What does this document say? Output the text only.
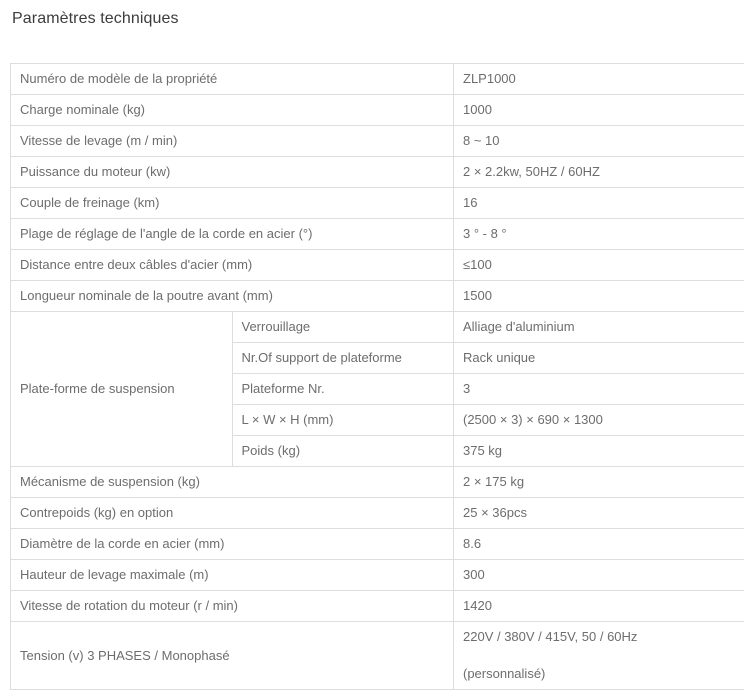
Paramètres techniques
Numéro de modèle de la propriété		ZLP1000
Charge nominale (kg)		1000
Vitesse de levage (m / min)		8 ~ 10
Puissance du moteur (kw)		2 × 2.2kw, 50HZ / 60HZ
Couple de freinage (km)		16
Plage de réglage de l'angle de la corde en acier (°)		3 ° - 8 °
Distance entre deux câbles d'acier (mm)		≤100
Longueur nominale de la poutre avant (mm)		1500
Plate-forme de suspension	Verrouillage	Alliage d'aluminium
	Nr.Of support de plateforme	Rack unique
	Plateforme Nr.	3
	L × W × H (mm)	(2500 × 3) × 690 × 1300
	Poids (kg)	375 kg
Mécanisme de suspension (kg)		2 × 175 kg
Contrepoids (kg) en option		25 × 36pcs
Diamètre de la corde en acier (mm)		8.6
Hauteur de levage maximale (m)		300
Vitesse de rotation du moteur (r / min)		1420
Tension (v) 3 PHASES / Monophasé		220V / 380V / 415V, 50 / 60Hz
(personnalisé)
